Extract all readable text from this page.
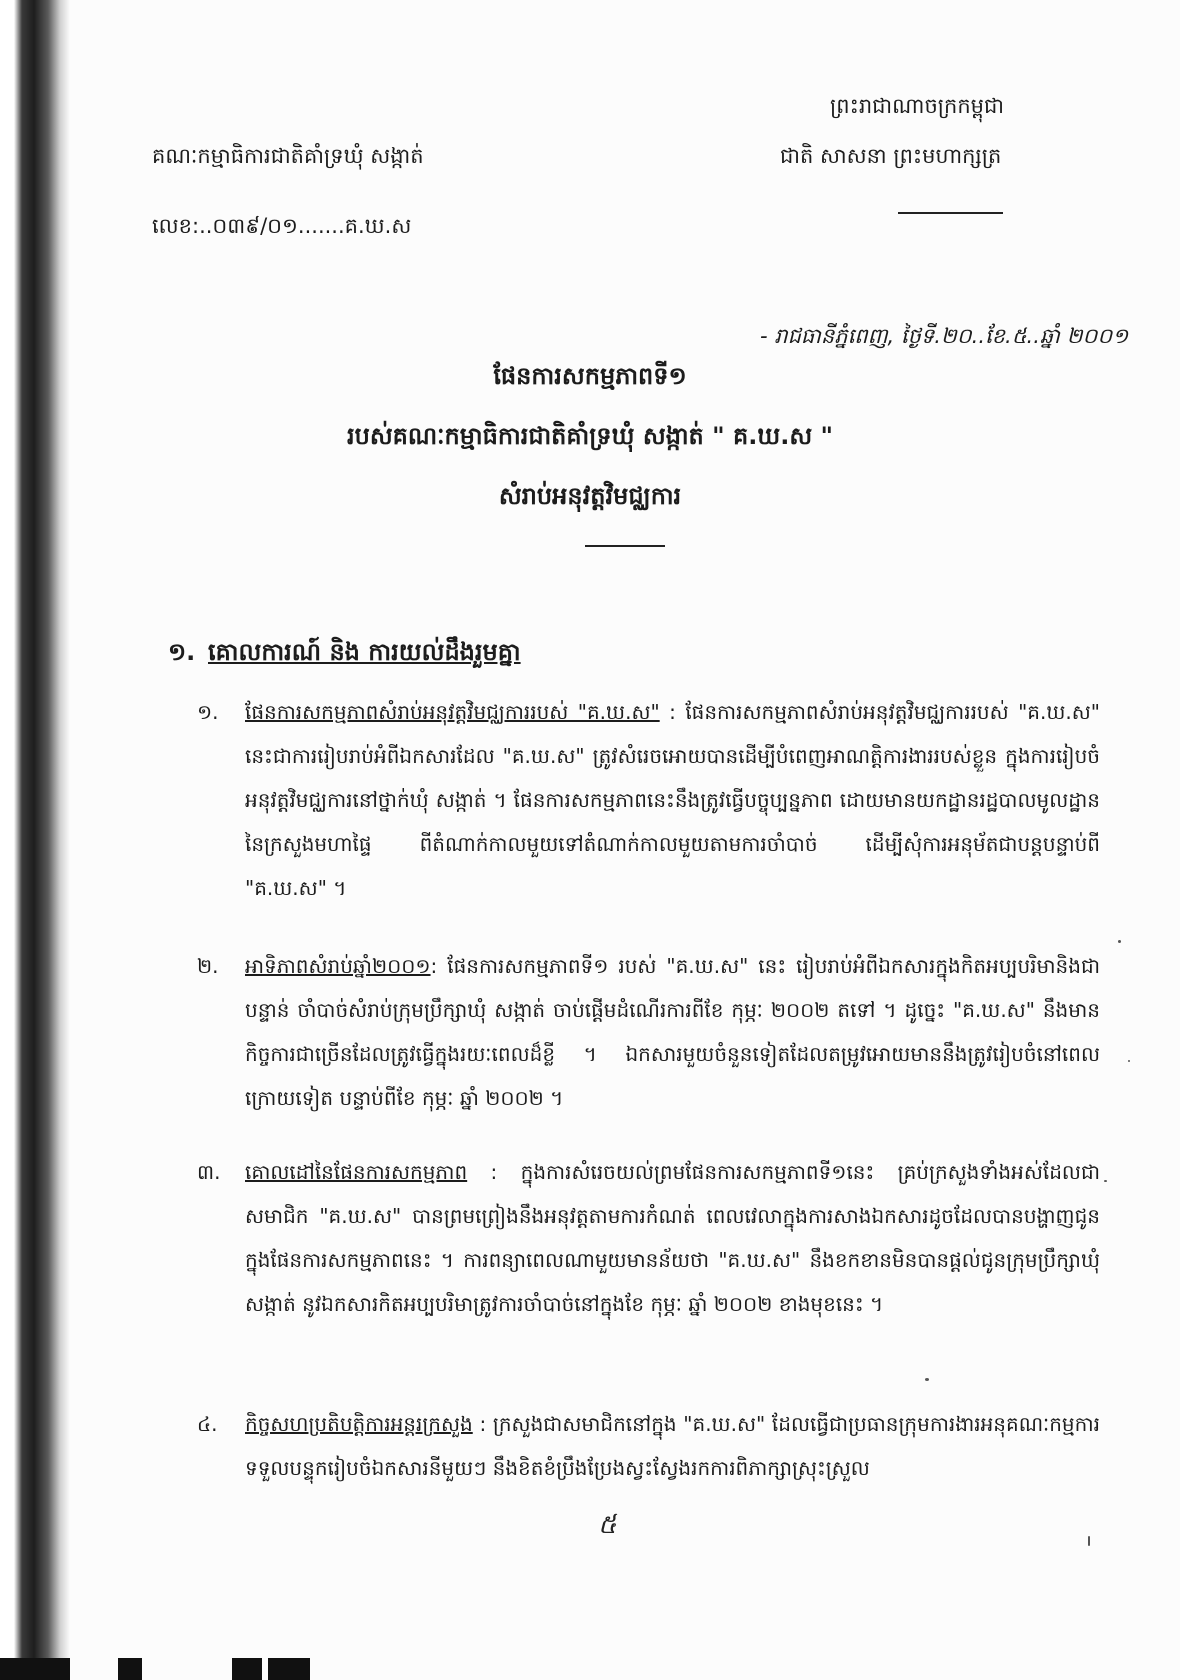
ព្រះរាជាណាចក្រកម្ពុជា
ជាតិ សាសនា ព្រះមហាក្សត្រ
គណៈកម្មាធិការជាតិគាំទ្រឃុំ សង្កាត់
លេខ:..០៣៩/០១.......គ.ឃ.ស
- រាជធានីភ្នំពេញ, ថ្ងៃទី.២០..ខែ.៥..ឆ្នាំ ២០០១
ផែនការសកម្មភាពទី១
របស់គណៈកម្មាធិការជាតិគាំទ្រឃុំ សង្កាត់ " គ.ឃ.ស "
សំរាប់អនុវត្តវិមជ្ឈការ
១. គោលការណ៍ និង ការយល់ដឹងរួមគ្នា
១. ផែនការសកម្មភាពសំរាប់អនុវត្តវិមជ្ឈការរបស់ "គ.ឃ.ស" : ផែនការសកម្មភាពសំរាប់អនុវត្តវិមជ្ឈការរបស់ "គ.ឃ.ស" នេះជាការរៀបរាប់អំពីឯកសារដែល "គ.ឃ.ស" ត្រូវសំរេចអោយបានដើម្បីបំពេញអាណត្តិការងាររបស់ខ្លួន ក្នុងការរៀបចំអនុវត្តវិមជ្ឈការនៅថ្នាក់ឃុំ សង្កាត់ ។ ផែនការសកម្មភាពនេះនឹងត្រូវធ្វើបច្ចុប្បន្នភាព ដោយមានយកដ្ឋានរដ្ឋបាលមូលដ្ឋាននៃក្រសួងមហាផ្ទៃ ពីតំណាក់កាលមួយទៅតំណាក់កាលមួយតាមការចាំបាច់ ដើម្បីសុំការអនុម័តជាបន្តបន្ទាប់ពី "គ.ឃ.ស" ។
២. អាទិភាពសំរាប់ឆ្នាំ២០០១: ផែនការសកម្មភាពទី១ របស់ "គ.ឃ.ស" នេះ រៀបរាប់អំពីឯកសារក្នុងកិតអប្បបរិមានិងជាបន្ទាន់ ចាំបាច់សំរាប់ក្រុមប្រឹក្សាឃុំ សង្កាត់ ចាប់ផ្តើមដំណើរការពីខែ កុម្ភៈ ២០០២ តទៅ ។ ដូច្នេះ "គ.ឃ.ស" នឹងមានកិច្ចការជាច្រើនដែលត្រូវធ្វើក្នុងរយៈពេលដ៏ខ្លី ។ ឯកសារមួយចំនួនទៀតដែលតម្រូវអោយមាននឹងត្រូវរៀបចំនៅពេលក្រោយទៀត បន្ទាប់ពីខែ កុម្ភៈ ឆ្នាំ ២០០២ ។
៣. គោលដៅនៃផែនការសកម្មភាព : ក្នុងការសំរេចយល់ព្រមផែនការសកម្មភាពទី១នេះ គ្រប់ក្រសួងទាំងអស់ដែលជាសមាជិក "គ.ឃ.ស" បានព្រមព្រៀងនឹងអនុវត្តតាមការកំណត់ ពេលវេលាក្នុងការសាងឯកសារដូចដែលបានបង្ហាញជូនក្នុងផែនការសកម្មភាពនេះ ។ ការពន្យាពេលណាមួយមានន័យថា "គ.ឃ.ស" នឹងខកខានមិនបានផ្តល់ជូនក្រុមប្រឹក្សាឃុំ សង្កាត់ នូវឯកសារកិតអប្បបរិមាត្រូវការចាំបាច់នៅក្នុងខែ កុម្ភៈ ឆ្នាំ ២០០២ ខាងមុខនេះ ។
៤. កិច្ចសហប្រតិបត្តិការអន្តរក្រសួង : ក្រសួងជាសមាជិកនៅក្នុង "គ.ឃ.ស" ដែលធ្វើជាប្រធានក្រុមការងារអនុគណៈកម្មការទទួលបន្ទុករៀបចំឯកសារនីមួយៗ នឹងខិតខំប្រឹងប្រែងស្វះស្វែងរកការពិភាក្សាស្រុះស្រួល
៥
